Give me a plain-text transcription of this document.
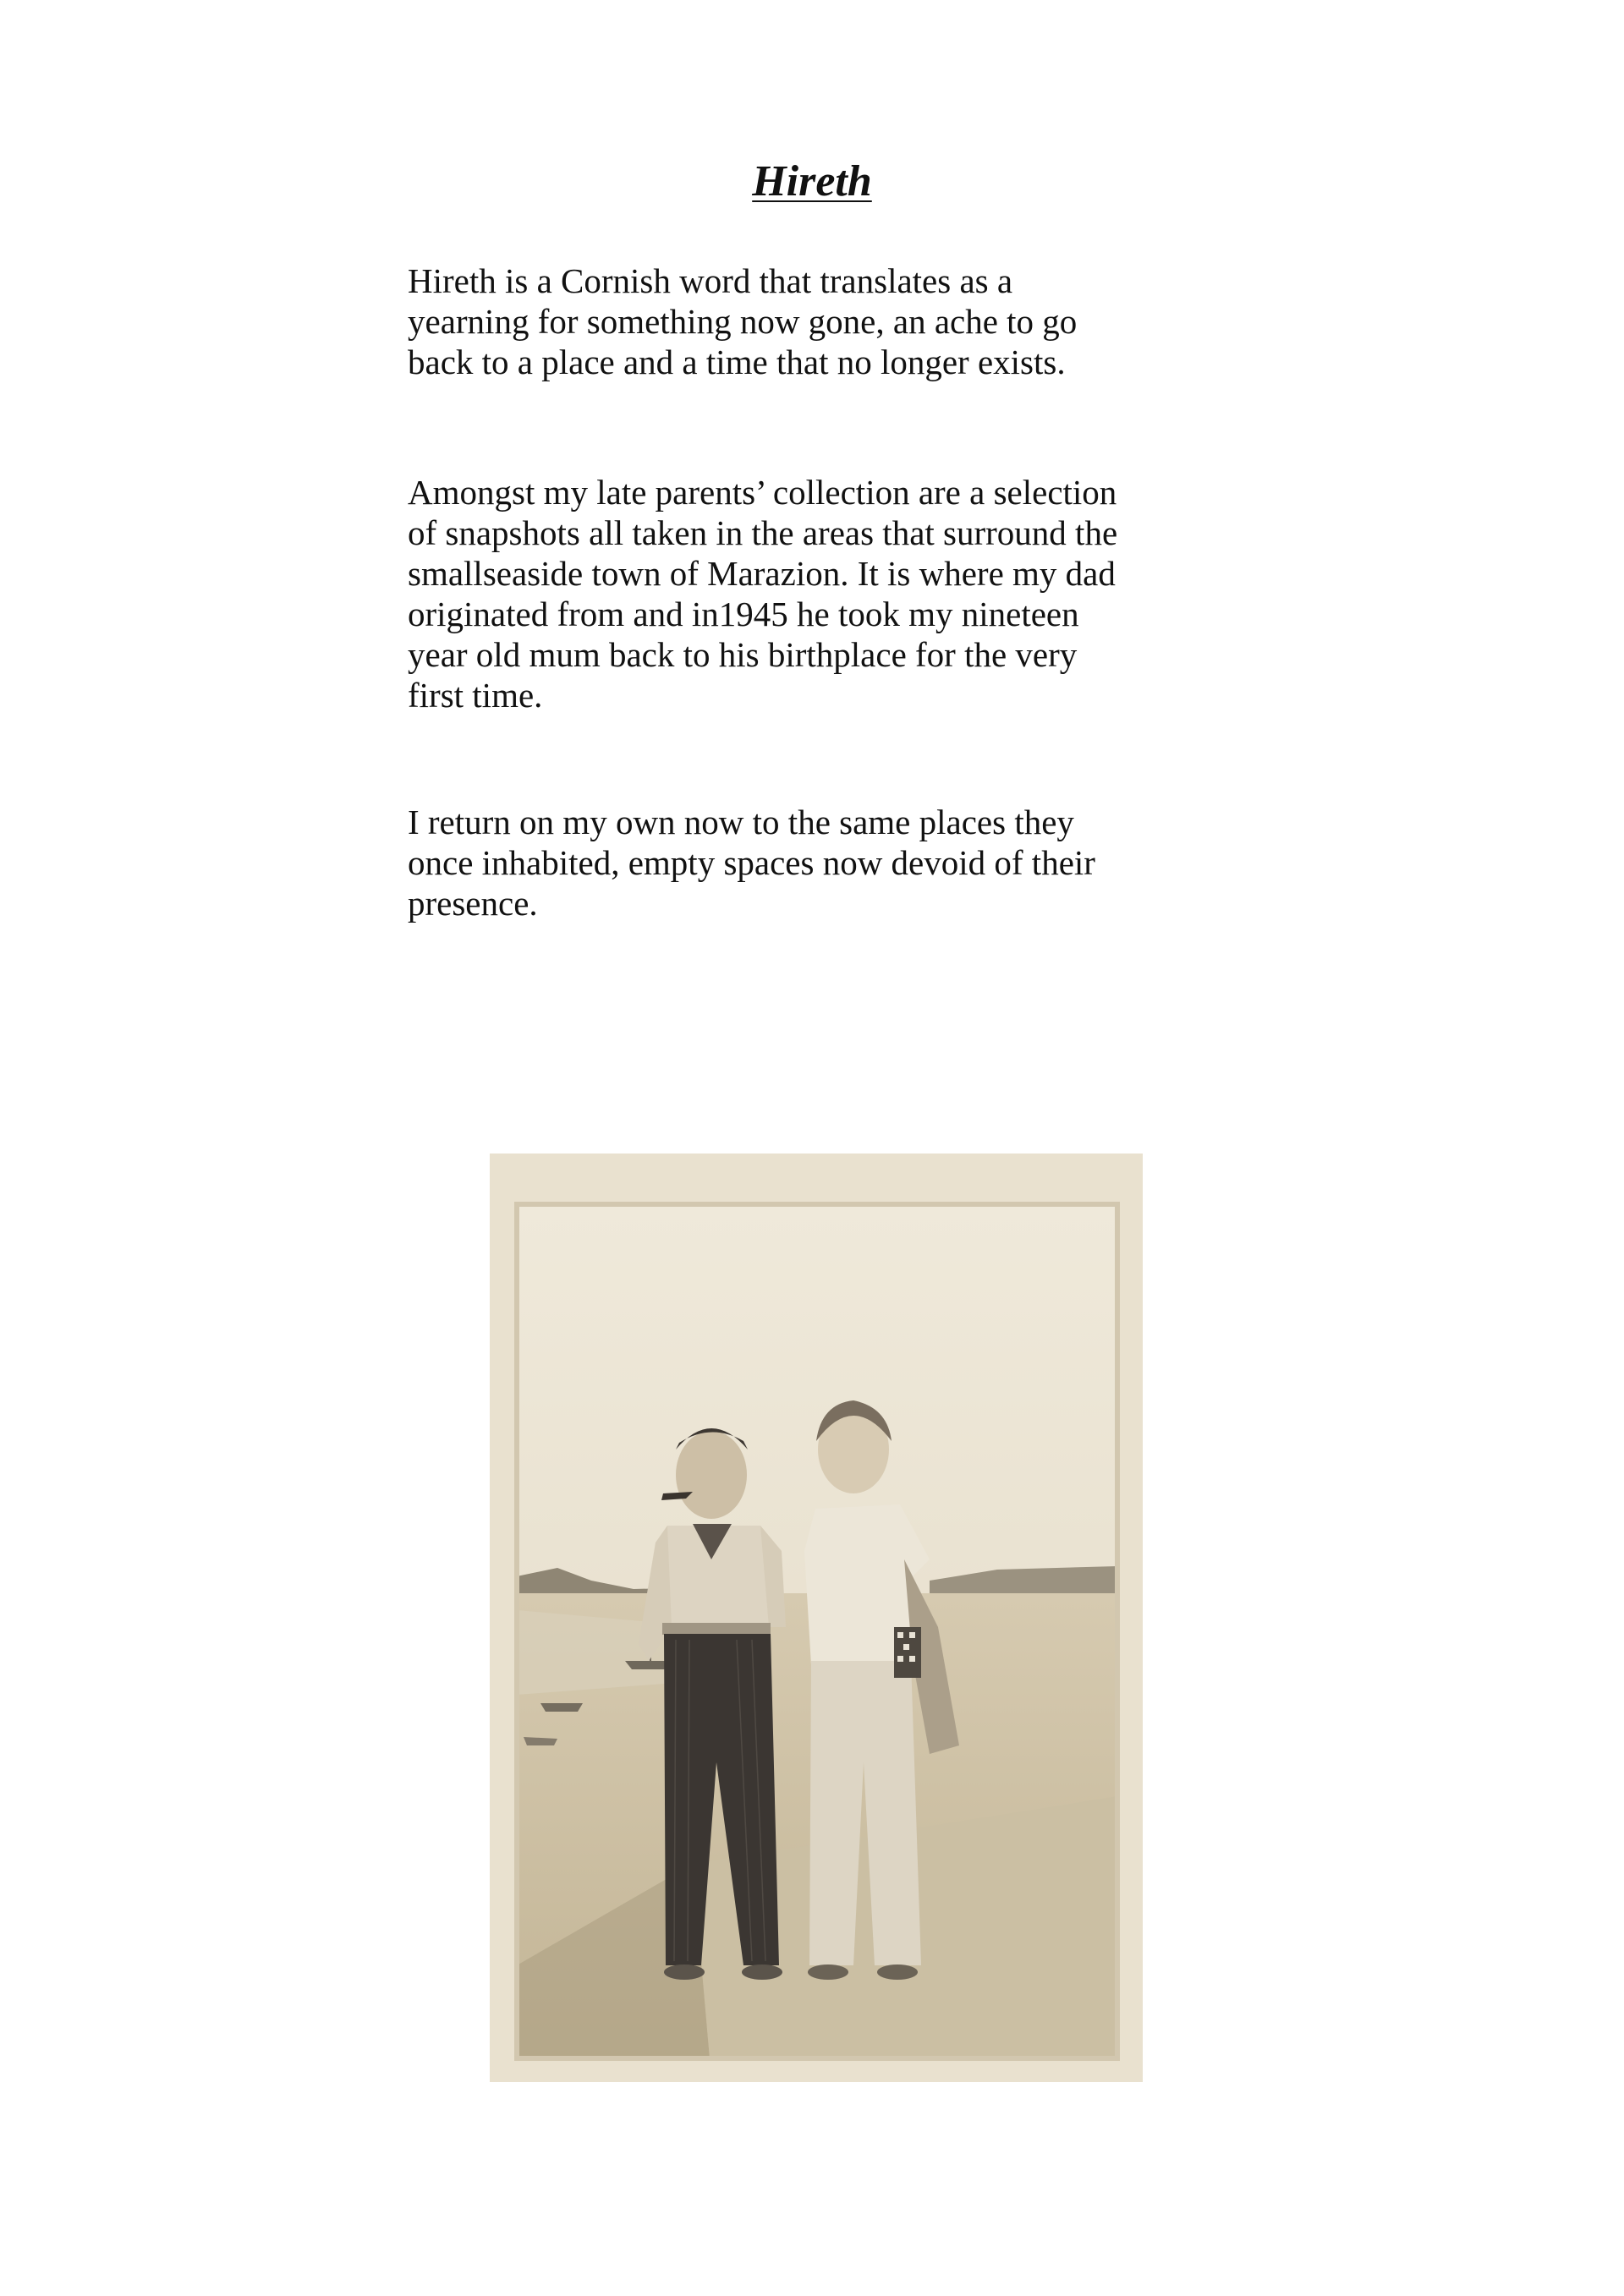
Hireth

Hireth is a Cornish word that translates as a
yearning for something now gone, an ache to go
back to a place and a time that no longer exists.

Amongst my late parents’ collection are a selection
of snapshots all taken in the areas that surround the
smallseaside town of Marazion. It is where my dad
originated from and in1945 he took my nineteen
year old mum back to his birthplace for the very
first time.

I return on my own now to the same places they
once inhabited, empty spaces now devoid of their
presence.
